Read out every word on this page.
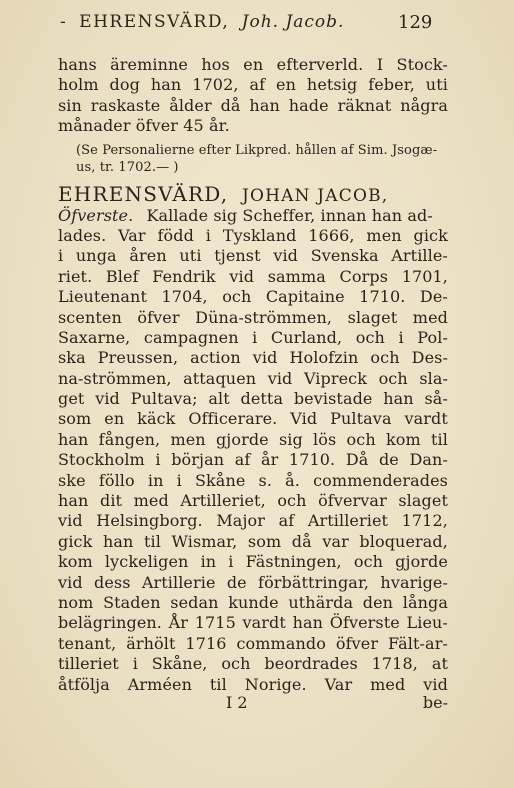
- EHRENSVÄRD, Joh. Jacob.	129
hans äreminne hos en efterverld. I Stock-
holm dog han 1702, af en hetsig feber, uti
sin raskaste ålder då han hade räknat några
månader öfver 45 år.
(Se Personalierne efter Likpred. hållen af Sim. Jsogæ-
us, tr. 1702.— )
EHRENSVÄRD, JOHAN JACOB,
Öfverste. Kallade sig Scheffer, innan han ad-
lades. Var född i Tyskland 1666, men gick
i unga åren uti tjenst vid Svenska Artille-
riet. Blef Fendrik vid samma Corps 1701,
Lieutenant 1704, och Capitaine 1710. De-
scenten öfver Düna-strömmen, slaget med
Saxarne, campagnen i Curland, och i Pol-
ska Preussen, action vid Holofzin och Des-
na-strömmen, attaquen vid Vipreck och sla-
get vid Pultava; alt detta bevistade han så-
som en käck Officerare. Vid Pultava vardt
han fången, men gjorde sig lös och kom til
Stockholm i början af år 1710. Då de Dan-
ske föllo in i Skåne s. å. commenderades
han dit med Artilleriet, och öfvervar slaget
vid Helsingborg. Major af Artilleriet 1712,
gick han til Wismar, som då var bloquerad,
kom lyckeligen in i Fästningen, och gjorde
vid dess Artillerie de förbättringar, hvarige-
nom Staden sedan kunde uthärda den långa
belägringen. År 1715 vardt han Öfverste Lieu-
tenant, ärhölt 1716 commando öfver Fält-ar-
tilleriet i Skåne, och beordrades 1718, at
åtfölja Arméen til Norige. Var med vid
I 2	be-
